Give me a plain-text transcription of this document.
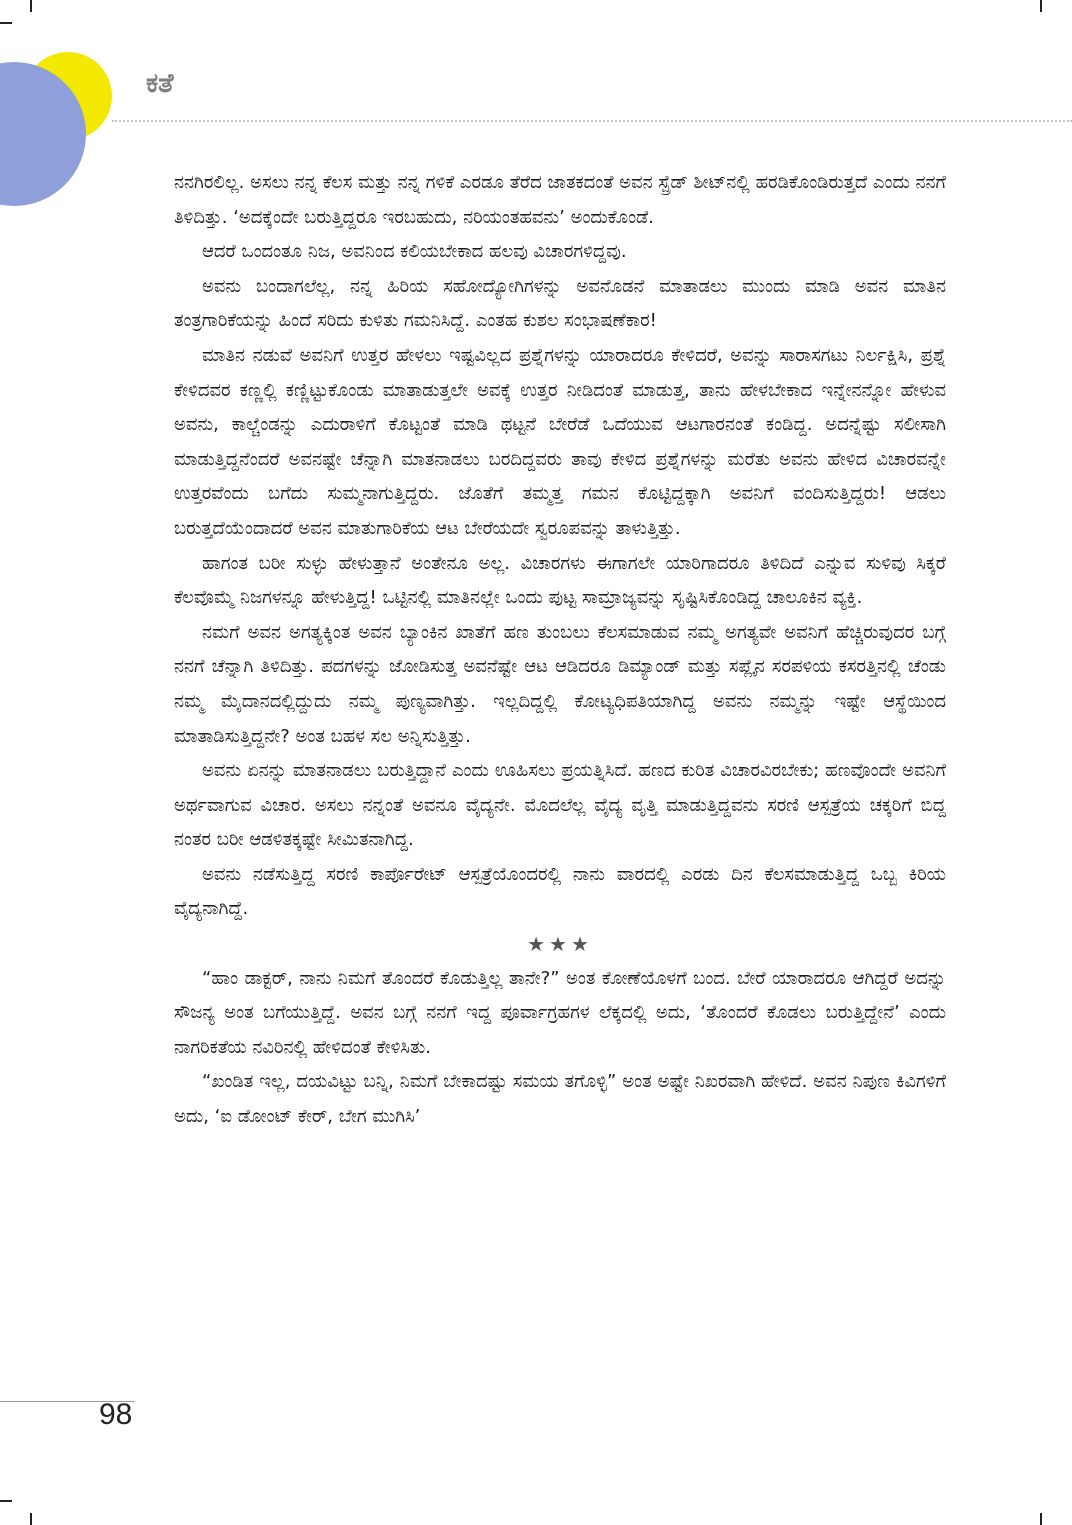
ಕತೆ

ನನಗಿರಲಿಲ್ಲ. ಅಸಲು ನನ್ನ ಕೆಲಸ ಮತ್ತು ನನ್ನ ಗಳಿಕೆ ಎರಡೂ ತೆರೆದ ಜಾತಕದಂತೆ ಅವನ ಸ್ಪ್ರೆಡ್ ಶೀಟ್‌ನಲ್ಲಿ ಹರಡಿಕೊಂಡಿರುತ್ತದೆ ಎಂದು ನನಗೆ ತಿಳಿದಿತ್ತು. ‘ಅದಕ್ಕೆಂದೇ ಬರುತ್ತಿದ್ದರೂ ಇರಬಹುದು, ನರಿಯಂತಹವನು’ ಅಂದುಕೊಂಡೆ.

ಆದರೆ ಒಂದಂತೂ ನಿಜ, ಅವನಿಂದ ಕಲಿಯಬೇಕಾದ ಹಲವು ವಿಚಾರಗಳಿದ್ದವು.

ಅವನು ಬಂದಾಗಲೆಲ್ಲ, ನನ್ನ ಹಿರಿಯ ಸಹೋದ್ಯೋಗಿಗಳನ್ನು ಅವನೊಡನೆ ಮಾತಾಡಲು ಮುಂದು ಮಾಡಿ ಅವನ ಮಾತಿನ ತಂತ್ರಗಾರಿಕೆಯನ್ನು ಹಿಂದೆ ಸರಿದು ಕುಳಿತು ಗಮನಿಸಿದ್ದೆ. ಎಂತಹ ಕುಶಲ ಸಂಭಾಷಣೆಕಾರ!

ಮಾತಿನ ನಡುವೆ ಅವನಿಗೆ ಉತ್ತರ ಹೇಳಲು ಇಷ್ಟವಿಲ್ಲದ ಪ್ರಶ್ನೆಗಳನ್ನು ಯಾರಾದರೂ ಕೇಳಿದರೆ, ಅವನ್ನು ಸಾರಾಸಗಟು ನಿರ್ಲಕ್ಷಿಸಿ, ಪ್ರಶ್ನೆ ಕೇಳಿದವರ ಕಣ್ಣಲ್ಲಿ ಕಣ್ಣಿಟ್ಟುಕೊಂಡು ಮಾತಾಡುತ್ತಲೇ ಅವಕ್ಕೆ ಉತ್ತರ ನೀಡಿದಂತೆ ಮಾಡುತ್ತ, ತಾನು ಹೇಳಬೇಕಾದ ಇನ್ನೇನನ್ನೋ ಹೇಳುವ ಅವನು, ಕಾಲ್ಚೆಂಡನ್ನು ಎದುರಾಳಿಗೆ ಕೊಟ್ಟಂತೆ ಮಾಡಿ ಥಟ್ಟನೆ ಬೇರೆಡೆ ಒದೆಯುವ ಆಟಗಾರನಂತೆ ಕಂಡಿದ್ದ. ಅದನ್ನೆಷ್ಟು ಸಲೀಸಾಗಿ ಮಾಡುತ್ತಿದ್ದನೆಂದರೆ ಅವನಷ್ಟೇ ಚೆನ್ನಾಗಿ ಮಾತನಾಡಲು ಬರದಿದ್ದವರು ತಾವು ಕೇಳಿದ ಪ್ರಶ್ನೆಗಳನ್ನು ಮರೆತು ಅವನು ಹೇಳಿದ ವಿಚಾರವನ್ನೇ ಉತ್ತರವೆಂದು ಬಗೆದು ಸುಮ್ಮನಾಗುತ್ತಿದ್ದರು. ಜೊತೆಗೆ ತಮ್ಮತ್ತ ಗಮನ ಕೊಟ್ಟಿದ್ದಕ್ಕಾಗಿ ಅವನಿಗೆ ವಂದಿಸುತ್ತಿದ್ದರು! ಆಡಲು ಬರುತ್ತದೆಯೆಂದಾದರೆ ಅವನ ಮಾತುಗಾರಿಕೆಯ ಆಟ ಬೇರೆಯದೇ ಸ್ವರೂಪವನ್ನು ತಾಳುತ್ತಿತ್ತು.

ಹಾಗಂತ ಬರೀ ಸುಳ್ಳು ಹೇಳುತ್ತಾನೆ ಅಂತೇನೂ ಅಲ್ಲ. ವಿಚಾರಗಳು ಈಗಾಗಲೇ ಯಾರಿಗಾದರೂ ತಿಳಿದಿದೆ ಎನ್ನುವ ಸುಳಿವು ಸಿಕ್ಕರೆ ಕೆಲವೊಮ್ಮೆ ನಿಜಗಳನ್ನೂ ಹೇಳುತ್ತಿದ್ದ! ಒಟ್ಟಿನಲ್ಲಿ ಮಾತಿನಲ್ಲೇ ಒಂದು ಪುಟ್ಟ ಸಾಮ್ರಾಜ್ಯವನ್ನು ಸೃಷ್ಟಿಸಿಕೊಂಡಿದ್ದ ಚಾಲೂಕಿನ ವ್ಯಕ್ತಿ.

ನಮಗೆ ಅವನ ಅಗತ್ಯಕ್ಕಿಂತ ಅವನ ಬ್ಯಾಂಕಿನ ಖಾತೆಗೆ ಹಣ ತುಂಬಲು ಕೆಲಸಮಾಡುವ ನಮ್ಮ ಅಗತ್ಯವೇ ಅವನಿಗೆ ಹೆಚ್ಚಿರುವುದರ ಬಗ್ಗೆ ನನಗೆ ಚೆನ್ನಾಗಿ ತಿಳಿದಿತ್ತು. ಪದಗಳನ್ನು ಜೋಡಿಸುತ್ತ ಅವನೆಷ್ಟೇ ಆಟ ಆಡಿದರೂ ಡಿಮ್ಯಾಂಡ್ ಮತ್ತು ಸಪ್ಲೈನ ಸರಪಳಿಯ ಕಸರತ್ತಿನಲ್ಲಿ ಚೆಂಡು ನಮ್ಮ ಮೈದಾನದಲ್ಲಿದ್ದುದು ನಮ್ಮ ಪುಣ್ಯವಾಗಿತ್ತು. ಇಲ್ಲದಿದ್ದಲ್ಲಿ ಕೋಟ್ಯಧಿಪತಿಯಾಗಿದ್ದ ಅವನು ನಮ್ಮನ್ನು ಇಷ್ಟೇ ಆಸ್ಥೆಯಿಂದ ಮಾತಾಡಿಸುತ್ತಿದ್ದನೇ? ಅಂತ ಬಹಳ ಸಲ ಅನ್ನಿಸುತ್ತಿತ್ತು.

ಅವನು ಏನನ್ನು ಮಾತನಾಡಲು ಬರುತ್ತಿದ್ದಾನೆ ಎಂದು ಊಹಿಸಲು ಪ್ರಯತ್ನಿಸಿದೆ. ಹಣದ ಕುರಿತ ವಿಚಾರವಿರಬೇಕು; ಹಣವೊಂದೇ ಅವನಿಗೆ ಅರ್ಥವಾಗುವ ವಿಚಾರ. ಅಸಲು ನನ್ನಂತೆ ಅವನೂ ವೈದ್ಯನೇ. ಮೊದಲೆಲ್ಲ ವೈದ್ಯ ವೃತ್ತಿ ಮಾಡುತ್ತಿದ್ದವನು ಸರಣಿ ಆಸ್ಪತ್ರೆಯ ಚಕ್ಕರಿಗೆ ಬಿದ್ದ ನಂತರ ಬರೀ ಆಡಳಿತಕ್ಕಷ್ಟೇ ಸೀಮಿತನಾಗಿದ್ದ.

ಅವನು ನಡೆಸುತ್ತಿದ್ದ ಸರಣಿ ಕಾರ್ಪೊರೇಟ್ ಆಸ್ಪತ್ರೆಯೊಂದರಲ್ಲಿ ನಾನು ವಾರದಲ್ಲಿ ಎರಡು ದಿನ ಕೆಲಸಮಾಡುತ್ತಿದ್ದ ಒಬ್ಬ ಕಿರಿಯ ವೈದ್ಯನಾಗಿದ್ದೆ.

★★★

“ಹಾಂ ಡಾಕ್ಟರ್, ನಾನು ನಿಮಗೆ ತೊಂದರೆ ಕೊಡುತ್ತಿಲ್ಲ ತಾನೇ?” ಅಂತ ಕೋಣೆಯೊಳಗೆ ಬಂದ. ಬೇರೆ ಯಾರಾದರೂ ಆಗಿದ್ದರೆ ಅದನ್ನು ಸೌಜನ್ಯ ಅಂತ ಬಗೆಯುತ್ತಿದ್ದೆ. ಅವನ ಬಗ್ಗೆ ನನಗೆ ಇದ್ದ ಪೂರ್ವಾಗ್ರಹಗಳ ಲೆಕ್ಕದಲ್ಲಿ ಅದು, ‘ತೊಂದರೆ ಕೊಡಲು ಬರುತ್ತಿದ್ದೇನೆ’ ಎಂದು ನಾಗರಿಕತೆಯ ನವಿರಿನಲ್ಲಿ ಹೇಳಿದಂತೆ ಕೇಳಿಸಿತು.

“ಖಂಡಿತ ಇಲ್ಲ, ದಯವಿಟ್ಟು ಬನ್ನಿ, ನಿಮಗೆ ಬೇಕಾದಷ್ಟು ಸಮಯ ತಗೊಳ್ಳಿ” ಅಂತ ಅಷ್ಟೇ ನಿಖರವಾಗಿ ಹೇಳಿದೆ. ಅವನ ನಿಪುಣ ಕಿವಿಗಳಿಗೆ ಅದು, ‘ಐ ಡೋಂಟ್ ಕೇರ್, ಬೇಗ ಮುಗಿಸಿ’

98
